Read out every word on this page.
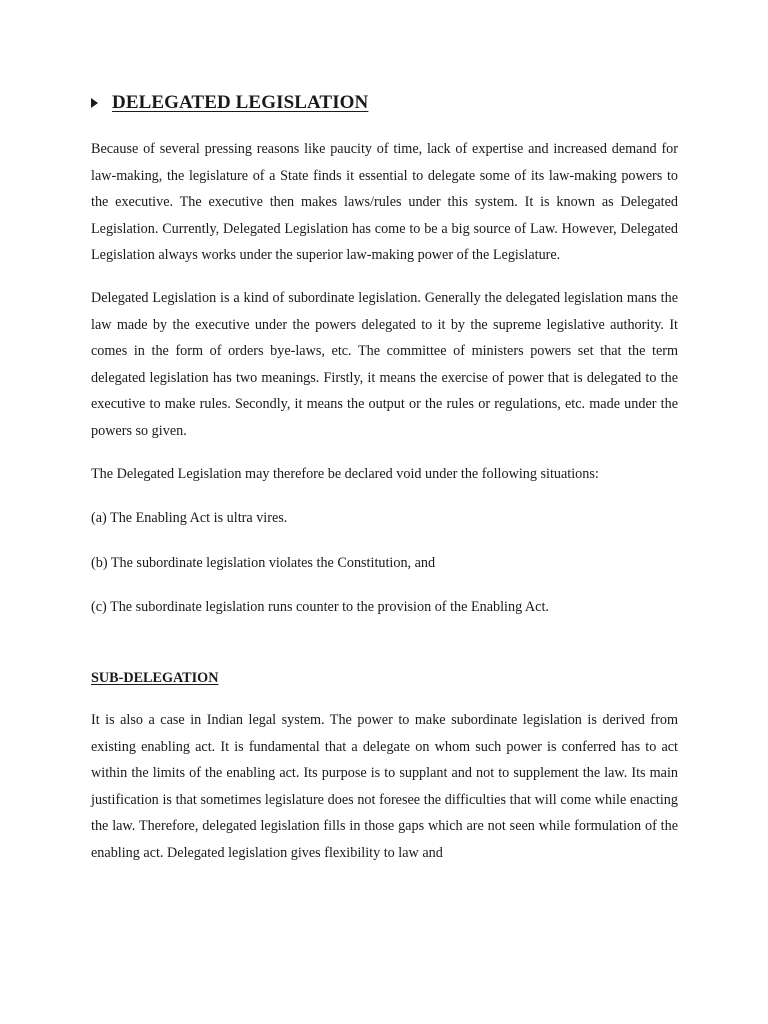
DELEGATED LEGISLATION

Because of several pressing reasons like paucity of time, lack of expertise and increased demand for law-making, the legislature of a State finds it essential to delegate some of its law-making powers to the executive. The executive then makes laws/rules under this system. It is known as Delegated Legislation. Currently, Delegated Legislation has come to be a big source of Law. However, Delegated Legislation always works under the superior law-making power of the Legislature.

Delegated Legislation is a kind of subordinate legislation. Generally the delegated legislation mans the law made by the executive under the powers delegated to it by the supreme legislative authority. It comes in the form of orders bye-laws, etc. The committee of ministers powers set that the term delegated legislation has two meanings. Firstly, it means the exercise of power that is delegated to the executive to make rules. Secondly, it means the output or the rules or regulations, etc. made under the powers so given.

The Delegated Legislation may therefore be declared void under the following situations:

(a) The Enabling Act is ultra vires.

(b) The subordinate legislation violates the Constitution, and

(c) The subordinate legislation runs counter to the provision of the Enabling Act.

SUB-DELEGATION

It is also a case in Indian legal system. The power to make subordinate legislation is derived from existing enabling act. It is fundamental that a delegate on whom such power is conferred has to act within the limits of the enabling act. Its purpose is to supplant and not to supplement the law. Its main justification is that sometimes legislature does not foresee the difficulties that will come while enacting the law. Therefore, delegated legislation fills in those gaps which are not seen while formulation of the enabling act. Delegated legislation gives flexibility to law and
